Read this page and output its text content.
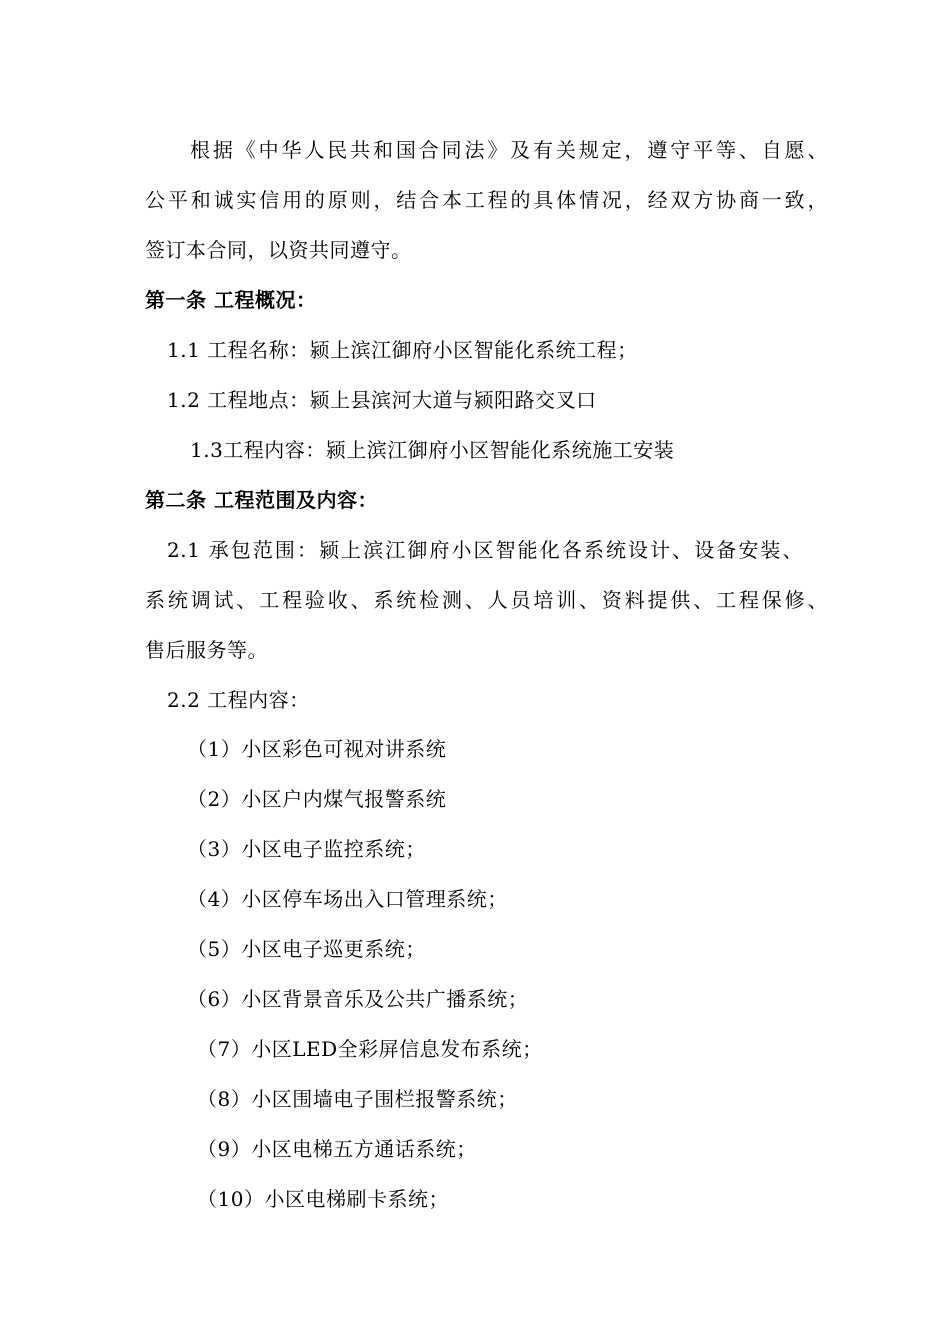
根据《中华人民共和国合同法》及有关规定，遵守平等、自愿、
公平和诚实信用的原则，结合本工程的具体情况，经双方协商一致，
签订本合同，以资共同遵守。
第一条 工程概况：
1.1 工程名称：颍上滨江御府小区智能化系统工程；
1.2 工程地点：颍上县滨河大道与颍阳路交叉口
1.3工程内容：颍上滨江御府小区智能化系统施工安装
第二条 工程范围及内容：
2.1 承包范围：颍上滨江御府小区智能化各系统设计、设备安装、
系统调试、工程验收、系统检测、人员培训、资料提供、工程保修、
售后服务等。
2.2 工程内容：
（1）小区彩色可视对讲系统
（2）小区户内煤气报警系统
（3）小区电子监控系统；
（4）小区停车场出入口管理系统；
（5）小区电子巡更系统；
（6）小区背景音乐及公共广播系统；
（7）小区LED全彩屏信息发布系统；
（8）小区围墙电子围栏报警系统；
（9）小区电梯五方通话系统；
（10）小区电梯刷卡系统；
